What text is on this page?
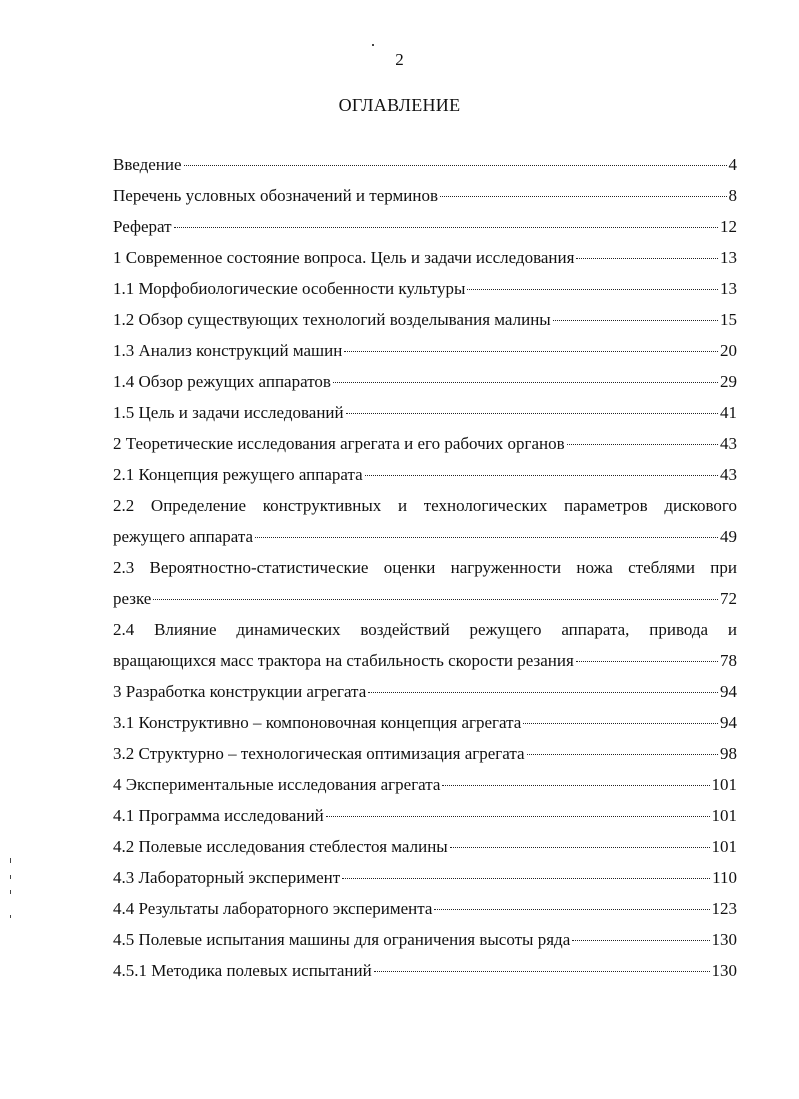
2
ОГЛАВЛЕНИЕ
Введение	4
Перечень условных обозначений и терминов	8
Реферат	12
1 Современное состояние вопроса. Цель и задачи исследования	13
1.1 Морфобиологические особенности культуры	13
1.2 Обзор существующих технологий возделывания малины	15
1.3 Анализ конструкций машин	20
1.4 Обзор режущих аппаратов	29
1.5 Цель и задачи исследований	41
2 Теоретические исследования агрегата и его рабочих органов	43
2.1 Концепция режущего аппарата	43
2.2 Определение конструктивных и технологических параметров дискового
режущего аппарата	49
2.3 Вероятностно-статистические оценки нагруженности ножа стеблями при
резке	72
2.4 Влияние динамических воздействий режущего аппарата, привода и
вращающихся масс трактора на стабильность скорости резания	78
3 Разработка конструкции агрегата	94
3.1 Конструктивно – компоновочная концепция агрегата	94
3.2 Структурно – технологическая оптимизация агрегата	98
4 Экспериментальные исследования агрегата	101
4.1 Программа исследований	101
4.2 Полевые исследования стеблестоя малины	101
4.3 Лабораторный эксперимент	110
4.4 Результаты лабораторного эксперимента	123
4.5 Полевые испытания машины для ограничения высоты ряда	130
4.5.1 Методика полевых испытаний	130
